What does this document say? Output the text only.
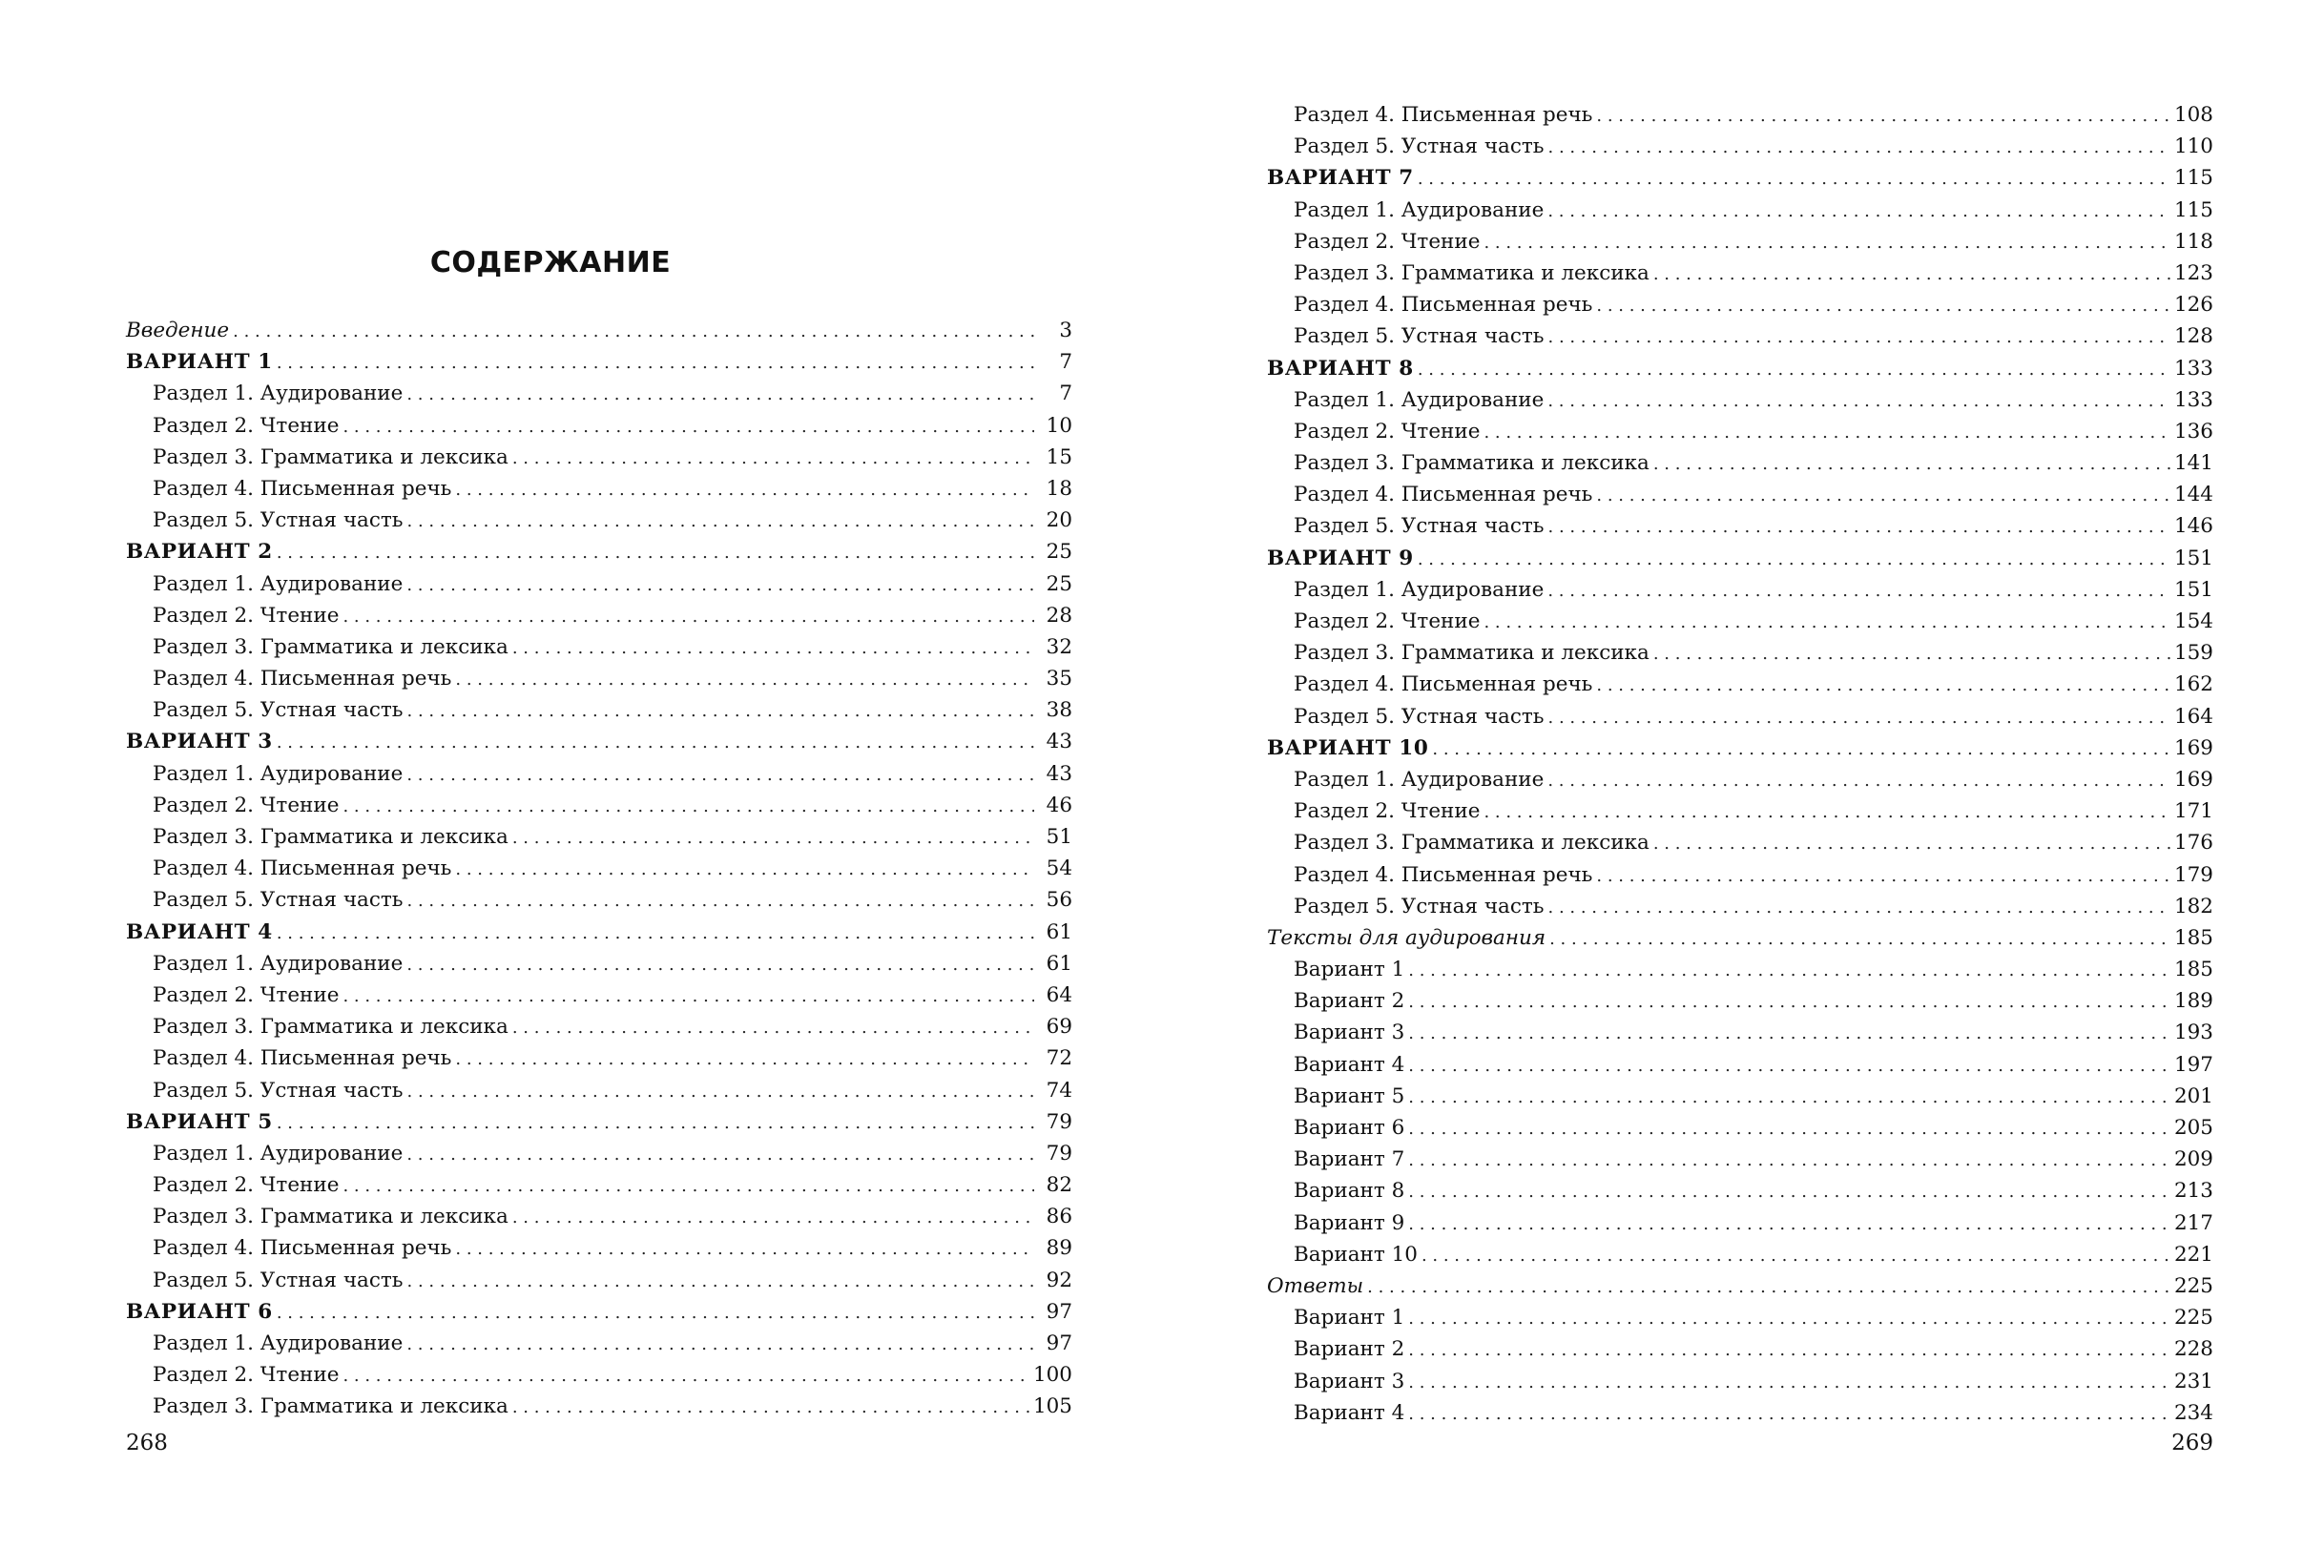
СОДЕРЖАНИЕ
Введение . . .	3
ВАРИАНТ 1 . . .	7
Раздел 1. Аудирование . . .	7
Раздел 2. Чтение . . .	10
Раздел 3. Грамматика и лексика . . .	15
Раздел 4. Письменная речь . . .	18
Раздел 5. Устная часть . . .	20
ВАРИАНТ 2 . . .	25
Раздел 1. Аудирование . . .	25
Раздел 2. Чтение . . .	28
Раздел 3. Грамматика и лексика . . .	32
Раздел 4. Письменная речь . . .	35
Раздел 5. Устная часть . . .	38
ВАРИАНТ 3 . . .	43
Раздел 1. Аудирование . . .	43
Раздел 2. Чтение . . .	46
Раздел 3. Грамматика и лексика . . .	51
Раздел 4. Письменная речь . . .	54
Раздел 5. Устная часть . . .	56
ВАРИАНТ 4 . . .	61
Раздел 1. Аудирование . . .	61
Раздел 2. Чтение . . .	64
Раздел 3. Грамматика и лексика . . .	69
Раздел 4. Письменная речь . . .	72
Раздел 5. Устная часть . . .	74
ВАРИАНТ 5 . . .	79
Раздел 1. Аудирование . . .	79
Раздел 2. Чтение . . .	82
Раздел 3. Грамматика и лексика . . .	86
Раздел 4. Письменная речь . . .	89
Раздел 5. Устная часть . . .	92
ВАРИАНТ 6 . . .	97
Раздел 1. Аудирование . . .	97
Раздел 2. Чтение . . .	100
Раздел 3. Грамматика и лексика . . .	105
268
Раздел 4. Письменная речь . . .	108
Раздел 5. Устная часть . . .	110
ВАРИАНТ 7 . . .	115
Раздел 1. Аудирование . . .	115
Раздел 2. Чтение . . .	118
Раздел 3. Грамматика и лексика . . .	123
Раздел 4. Письменная речь . . .	126
Раздел 5. Устная часть . . .	128
ВАРИАНТ 8 . . .	133
Раздел 1. Аудирование . . .	133
Раздел 2. Чтение . . .	136
Раздел 3. Грамматика и лексика . . .	141
Раздел 4. Письменная речь . . .	144
Раздел 5. Устная часть . . .	146
ВАРИАНТ 9 . . .	151
Раздел 1. Аудирование . . .	151
Раздел 2. Чтение . . .	154
Раздел 3. Грамматика и лексика . . .	159
Раздел 4. Письменная речь . . .	162
Раздел 5. Устная часть . . .	164
ВАРИАНТ 10 . . .	169
Раздел 1. Аудирование . . .	169
Раздел 2. Чтение . . .	171
Раздел 3. Грамматика и лексика . . .	176
Раздел 4. Письменная речь . . .	179
Раздел 5. Устная часть . . .	182
Тексты для аудирования . . .	185
Вариант 1 . . .	185
Вариант 2 . . .	189
Вариант 3 . . .	193
Вариант 4 . . .	197
Вариант 5 . . .	201
Вариант 6 . . .	205
Вариант 7 . . .	209
Вариант 8 . . .	213
Вариант 9 . . .	217
Вариант 10 . . .	221
Ответы . . .	225
Вариант 1 . . .	225
Вариант 2 . . .	228
Вариант 3 . . .	231
Вариант 4 . . .	234
269
